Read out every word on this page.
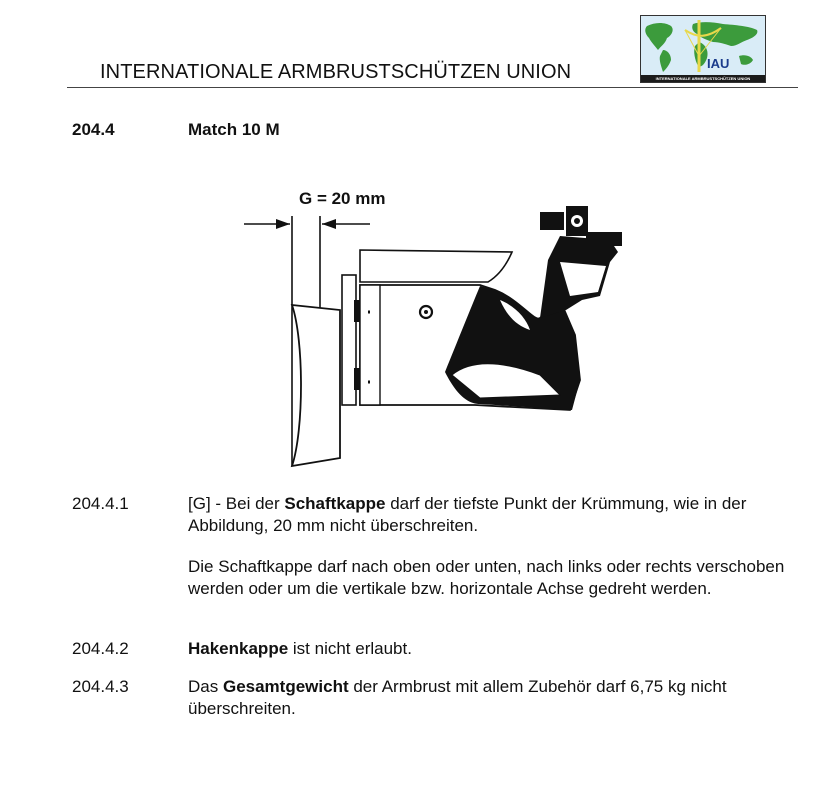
INTERNATIONALE ARMBRUSTSCHÜTZEN UNION	IAU
INTERNATIONALE ARMBRUSTSCHÜTZEN UNION
204.4	Match 10 M
G = 20 mm
204.4.1	[G] - Bei der Schaftkappe darf der tiefste Punkt der Krümmung, wie in der Abbildung, 20 mm nicht überschreiten.
Die Schaftkappe darf nach oben oder unten, nach links oder rechts verschoben werden oder um die vertikale bzw. horizontale Achse gedreht werden.
204.4.2	Hakenkappe ist nicht erlaubt.
204.4.3	Das Gesamtgewicht der Armbrust mit allem Zubehör darf 6,75 kg nicht überschreiten.
